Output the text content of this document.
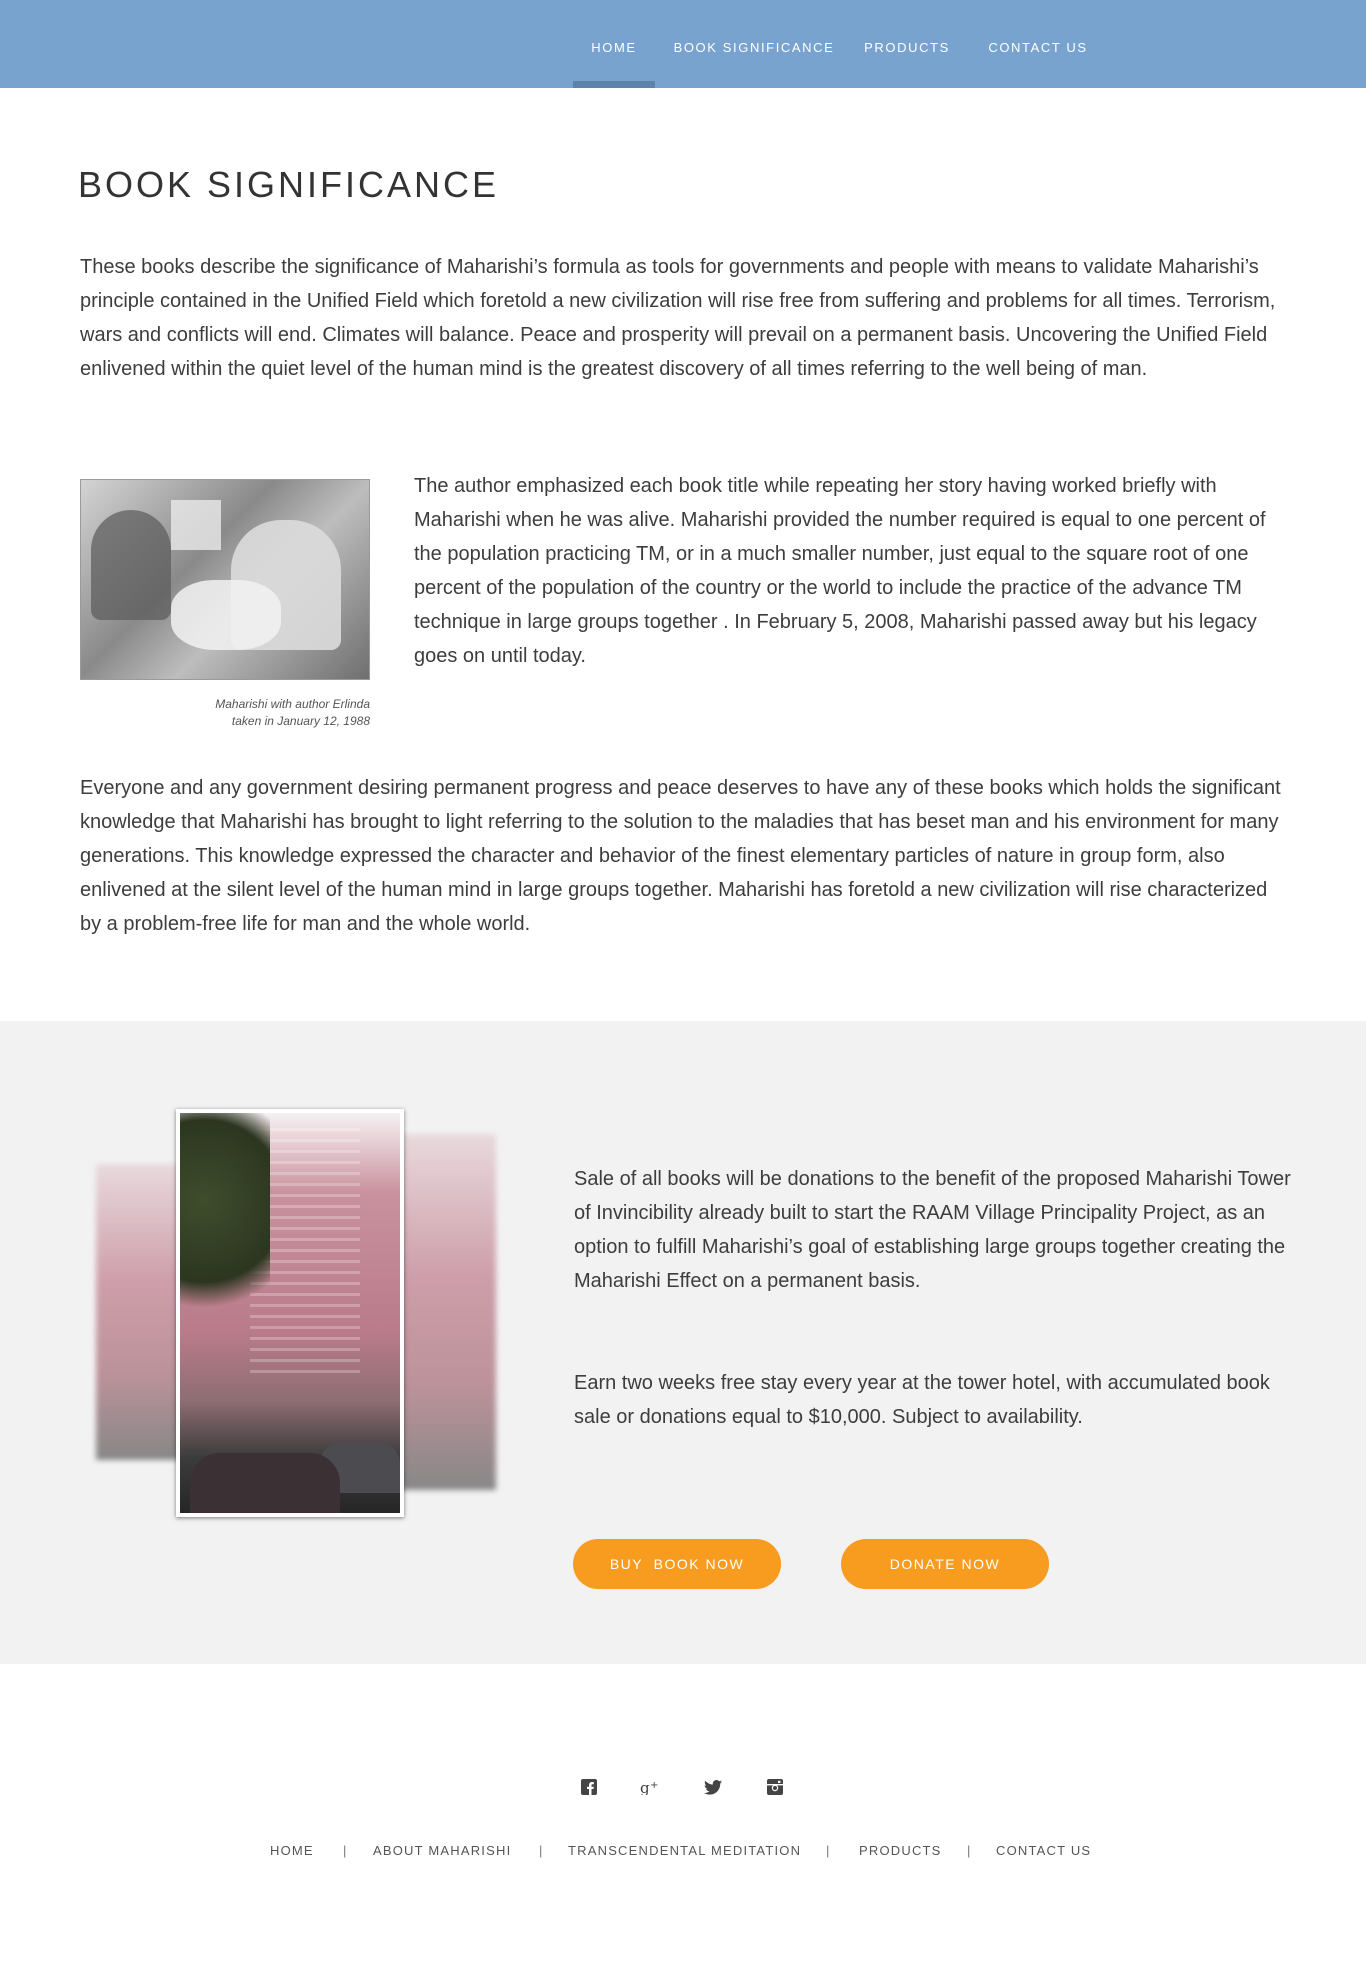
HOME	BOOK SIGNIFICANCE	PRODUCTS	CONTACT US
BOOK SIGNIFICANCE

These books describe the significance of Maharishi’s formula as tools for governments and people with means to validate Maharishi’s principle contained in the Unified Field which foretold a new civilization will rise free from suffering and problems for all times. Terrorism, wars and conflicts will end. Climates will balance. Peace and prosperity will prevail on a permanent basis. Uncovering the Unified Field enlivened within the quiet level of the human mind is the greatest discovery of all times referring to the well being of man.

Maharishi with author Erlinda
taken in January 12, 1988

The author emphasized each book title while repeating her story having worked briefly with Maharishi when he was alive. Maharishi provided the number required is equal to one percent of the population practicing TM, or in a much smaller number, just equal to the square root of one percent of the population of the country or the world to include the practice of the advance TM technique in large groups together . In February 5, 2008, Maharishi passed away but his legacy goes on until today.

Everyone and any government desiring permanent progress and peace deserves to have any of these books which holds the significant knowledge that Maharishi has brought to light referring to the solution to the maladies that has beset man and his environment for many generations. This knowledge expressed the character and behavior of the finest elementary particles of nature in group form, also enlivened at the silent level of the human mind in large groups together. Maharishi has foretold a new civilization will rise characterized by a problem-free life for man and the whole world.

Sale of all books will be donations to the benefit of the proposed Maharishi Tower of Invincibility already built to start the RAAM Village Principality Project, as an option to fulfill Maharishi’s goal of establishing large groups together creating the Maharishi Effect on a permanent basis.

Earn two weeks free stay every year at the tower hotel, with accumulated book sale or donations equal to $10,000. Subject to availability.

BUY  BOOK NOW	DONATE NOW
g +
HOME | ABOUT MAHARISHI | TRANSCENDENTAL MEDITATION | PRODUCTS | CONTACT US
